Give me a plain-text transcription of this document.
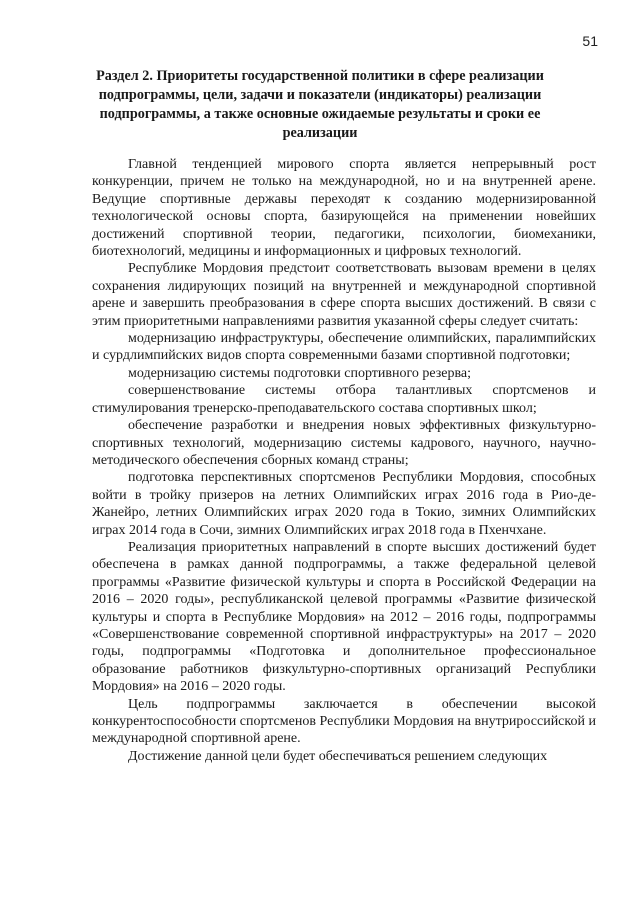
51
Раздел 2. Приоритеты государственной политики в сфере реализации подпрограммы, цели, задачи и показатели (индикаторы) реализации подпрограммы, а также основные ожидаемые результаты и сроки ее реализации

Главной тенденцией мирового спорта является непрерывный рост конкуренции, причем не только на международной, но и на внутренней арене. Ведущие спортивные державы переходят к созданию модернизированной технологической основы спорта, базирующейся на применении новейших достижений спортивной теории, педагогики, психологии, биомеханики, биотехнологий, медицины и информационных и цифровых технологий.

Республике Мордовия предстоит соответствовать вызовам времени в целях сохранения лидирующих позиций на внутренней и международной спортивной арене и завершить преобразования в сфере спорта высших достижений. В связи с этим приоритетными направлениями развития указанной сферы следует считать:

модернизацию инфраструктуры, обеспечение олимпийских, паралимпийских и сурдлимпийских видов спорта современными базами спортивной подготовки;

модернизацию системы подготовки спортивного резерва;

совершенствование системы отбора талантливых спортсменов и стимулирования тренерско-преподавательского состава спортивных школ;

обеспечение разработки и внедрения новых эффективных физкультурно-спортивных технологий, модернизацию системы кадрового, научного, научно-методического обеспечения сборных команд страны;

подготовка перспективных спортсменов Республики Мордовия, способных войти в тройку призеров на летних Олимпийских играх 2016 года в Рио-де-Жанейро, летних Олимпийских играх 2020 года в Токио, зимних Олимпийских играх 2014 года в Сочи, зимних Олимпийских играх 2018 года в Пхенчхане.

Реализация приоритетных направлений в спорте высших достижений будет обеспечена в рамках данной подпрограммы, а также федеральной целевой программы «Развитие физической культуры и спорта в Российской Федерации на 2016 – 2020 годы», республиканской целевой программы «Развитие физической культуры и спорта в Республике Мордовия» на 2012 – 2016 годы, подпрограммы «Совершенствование современной спортивной инфраструктуры» на 2017 – 2020 годы, подпрограммы «Подготовка и дополнительное профессиональное образование работников физкультурно-спортивных организаций Республики Мордовия» на 2016 – 2020 годы.

Цель подпрограммы заключается в обеспечении высокой конкурентоспособности спортсменов Республики Мордовия на внутрироссийской и международной спортивной арене.

Достижение данной цели будет обеспечиваться решением следующих
